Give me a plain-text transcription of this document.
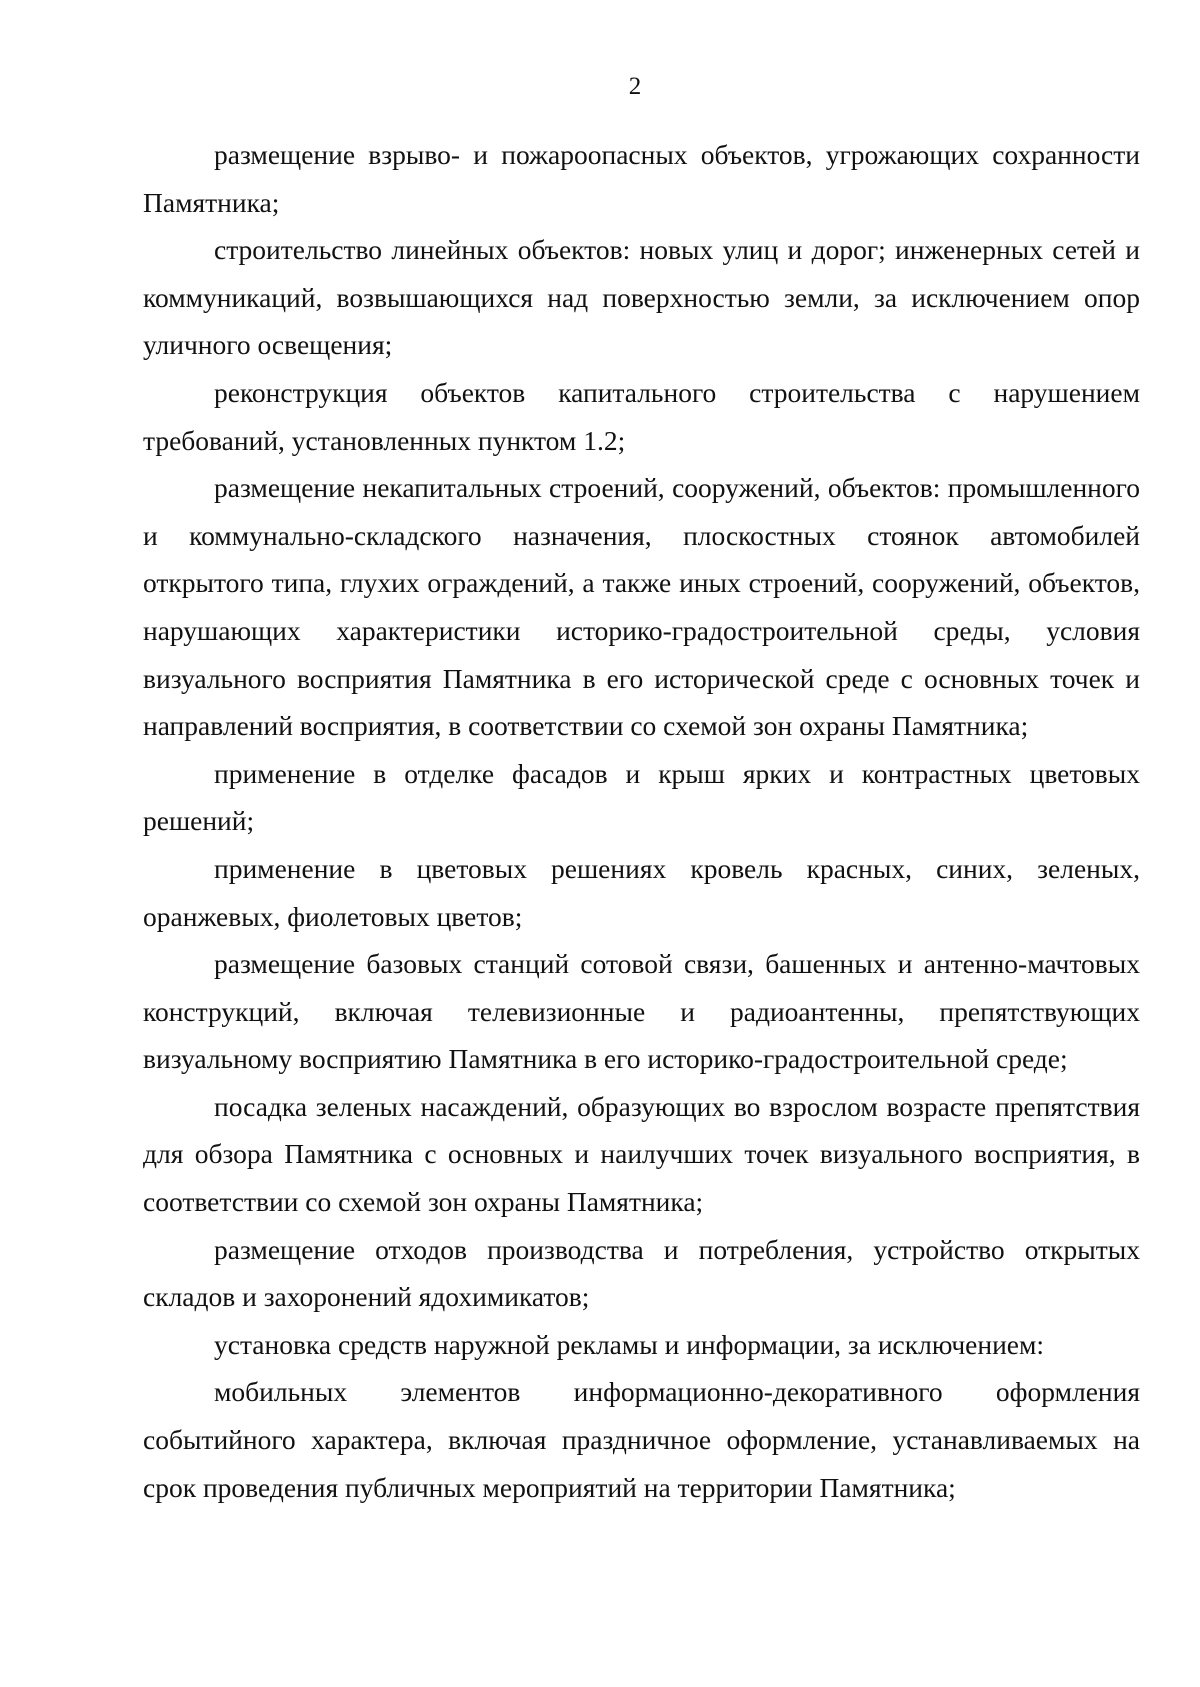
2

размещение взрыво- и пожароопасных объектов, угрожающих сохранности Памятника;

строительство линейных объектов: новых улиц и дорог; инженерных сетей и коммуникаций, возвышающихся над поверхностью земли, за исключением опор уличного освещения;

реконструкция объектов капитального строительства с нарушением требований, установленных пунктом 1.2;

размещение некапитальных строений, сооружений, объектов: промышленного и коммунально-складского назначения, плоскостных стоянок автомобилей открытого типа, глухих ограждений, а также иных строений, сооружений, объектов, нарушающих характеристики историко-градостроительной среды, условия визуального восприятия Памятника в его исторической среде с основных точек и направлений восприятия, в соответствии со схемой зон охраны Памятника;

применение в отделке фасадов и крыш ярких и контрастных цветовых решений;

применение в цветовых решениях кровель красных, синих, зеленых, оранжевых, фиолетовых цветов;

размещение базовых станций сотовой связи, башенных и антенно-мачтовых конструкций, включая телевизионные и радиоантенны, препятствующих визуальному восприятию Памятника в его историко-градостроительной среде;

посадка зеленых насаждений, образующих во взрослом возрасте препятствия для обзора Памятника с основных и наилучших точек визуального восприятия, в соответствии со схемой зон охраны Памятника;

размещение отходов производства и потребления, устройство открытых складов и захоронений ядохимикатов;

установка средств наружной рекламы и информации, за исключением:

мобильных элементов информационно-декоративного оформления событийного характера, включая праздничное оформление, устанавливаемых на срок проведения публичных мероприятий на территории Памятника;
